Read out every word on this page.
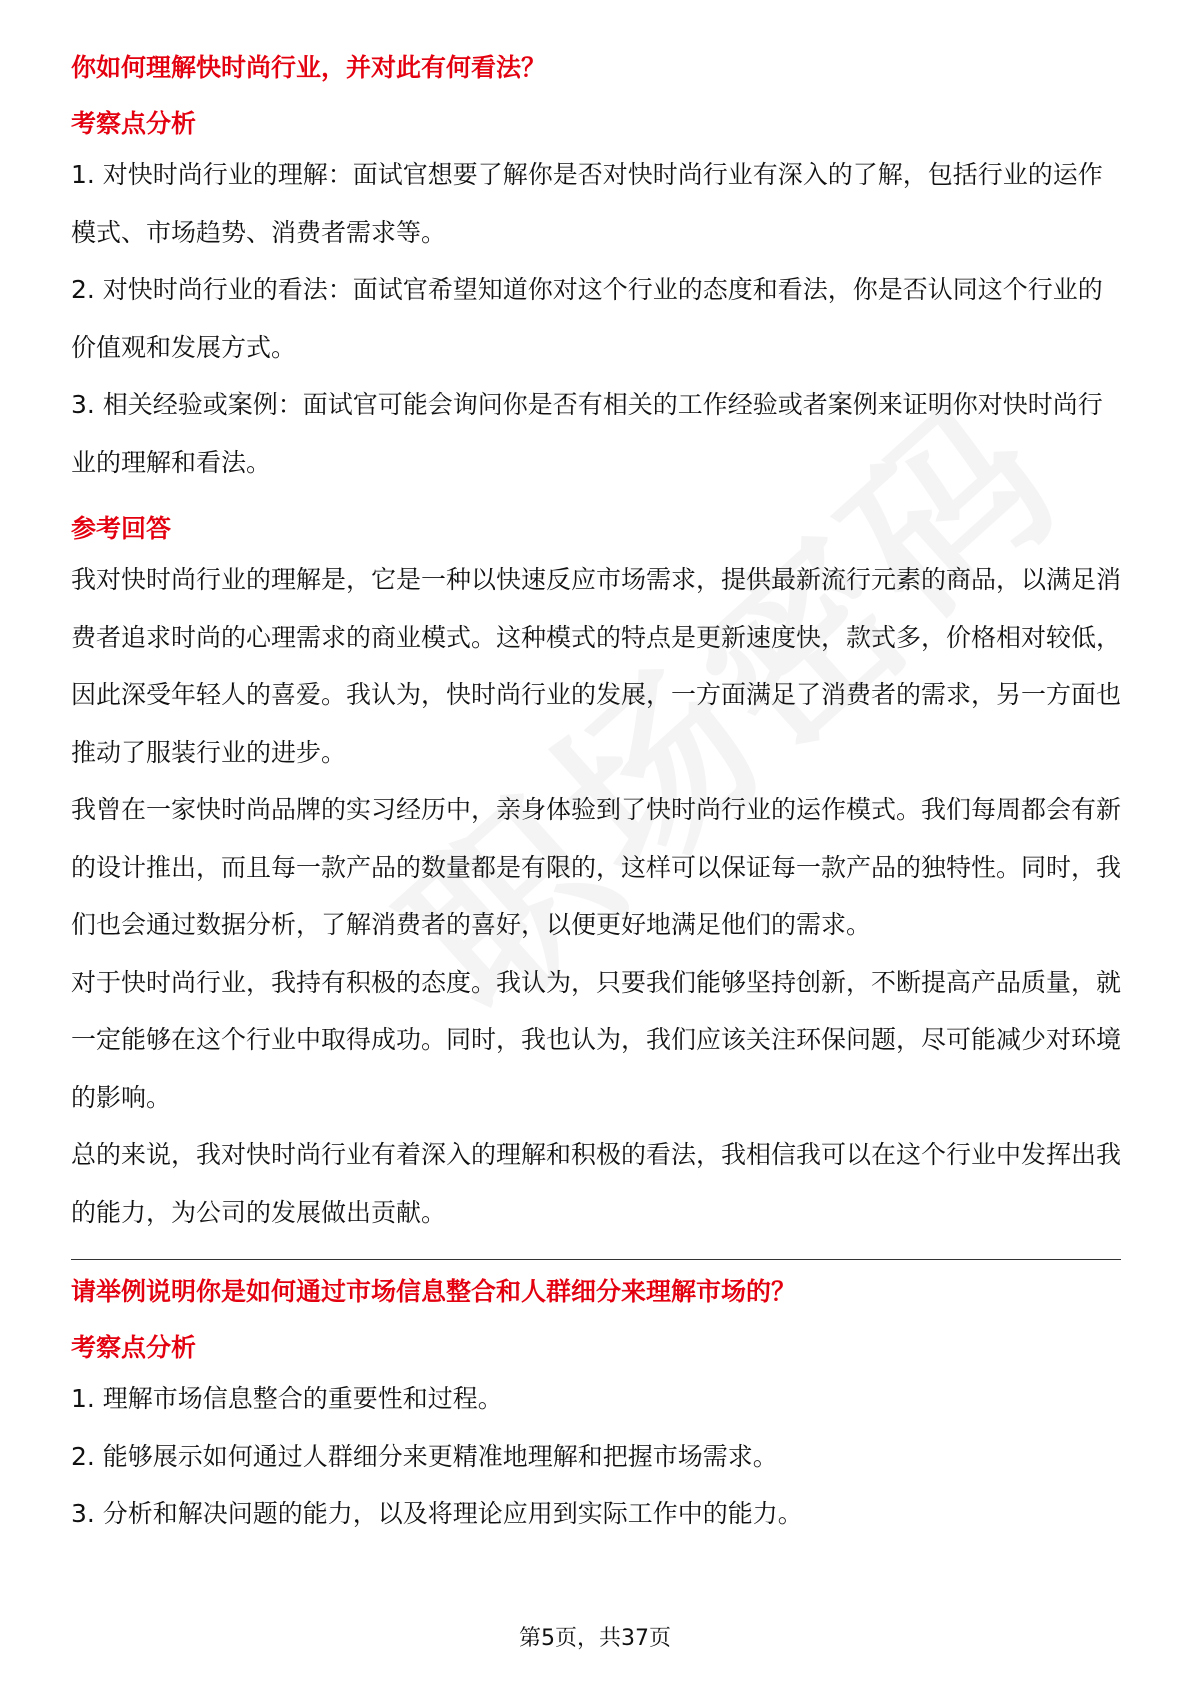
你如何理解快时尚行业，并对此有何看法？
考察点分析

1. 对快时尚行业的理解：面试官想要了解你是否对快时尚行业有深入的了解，包括行业的运作模式、市场趋势、消费者需求等。

2. 对快时尚行业的看法：面试官希望知道你对这个行业的态度和看法，你是否认同这个行业的价值观和发展方式。

3. 相关经验或案例：面试官可能会询问你是否有相关的工作经验或者案例来证明你对快时尚行业的理解和看法。

参考回答

我对快时尚行业的理解是，它是一种以快速反应市场需求，提供最新流行元素的商品，以满足消费者追求时尚的心理需求的商业模式。这种模式的特点是更新速度快，款式多，价格相对较低，因此深受年轻人的喜爱。我认为，快时尚行业的发展，一方面满足了消费者的需求，另一方面也推动了服装行业的进步。

我曾在一家快时尚品牌的实习经历中，亲身体验到了快时尚行业的运作模式。我们每周都会有新的设计推出，而且每一款产品的数量都是有限的，这样可以保证每一款产品的独特性。同时，我们也会通过数据分析，了解消费者的喜好，以便更好地满足他们的需求。

对于快时尚行业，我持有积极的态度。我认为，只要我们能够坚持创新，不断提高产品质量，就一定能够在这个行业中取得成功。同时，我也认为，我们应该关注环保问题，尽可能减少对环境的影响。

总的来说，我对快时尚行业有着深入的理解和积极的看法，我相信我可以在这个行业中发挥出我的能力，为公司的发展做出贡献。

请举例说明你是如何通过市场信息整合和人群细分来理解市场的？
考察点分析

1. 理解市场信息整合的重要性和过程。

2. 能够展示如何通过人群细分来更精准地理解和把握市场需求。

3. 分析和解决问题的能力，以及将理论应用到实际工作中的能力。

第5页，共37页
